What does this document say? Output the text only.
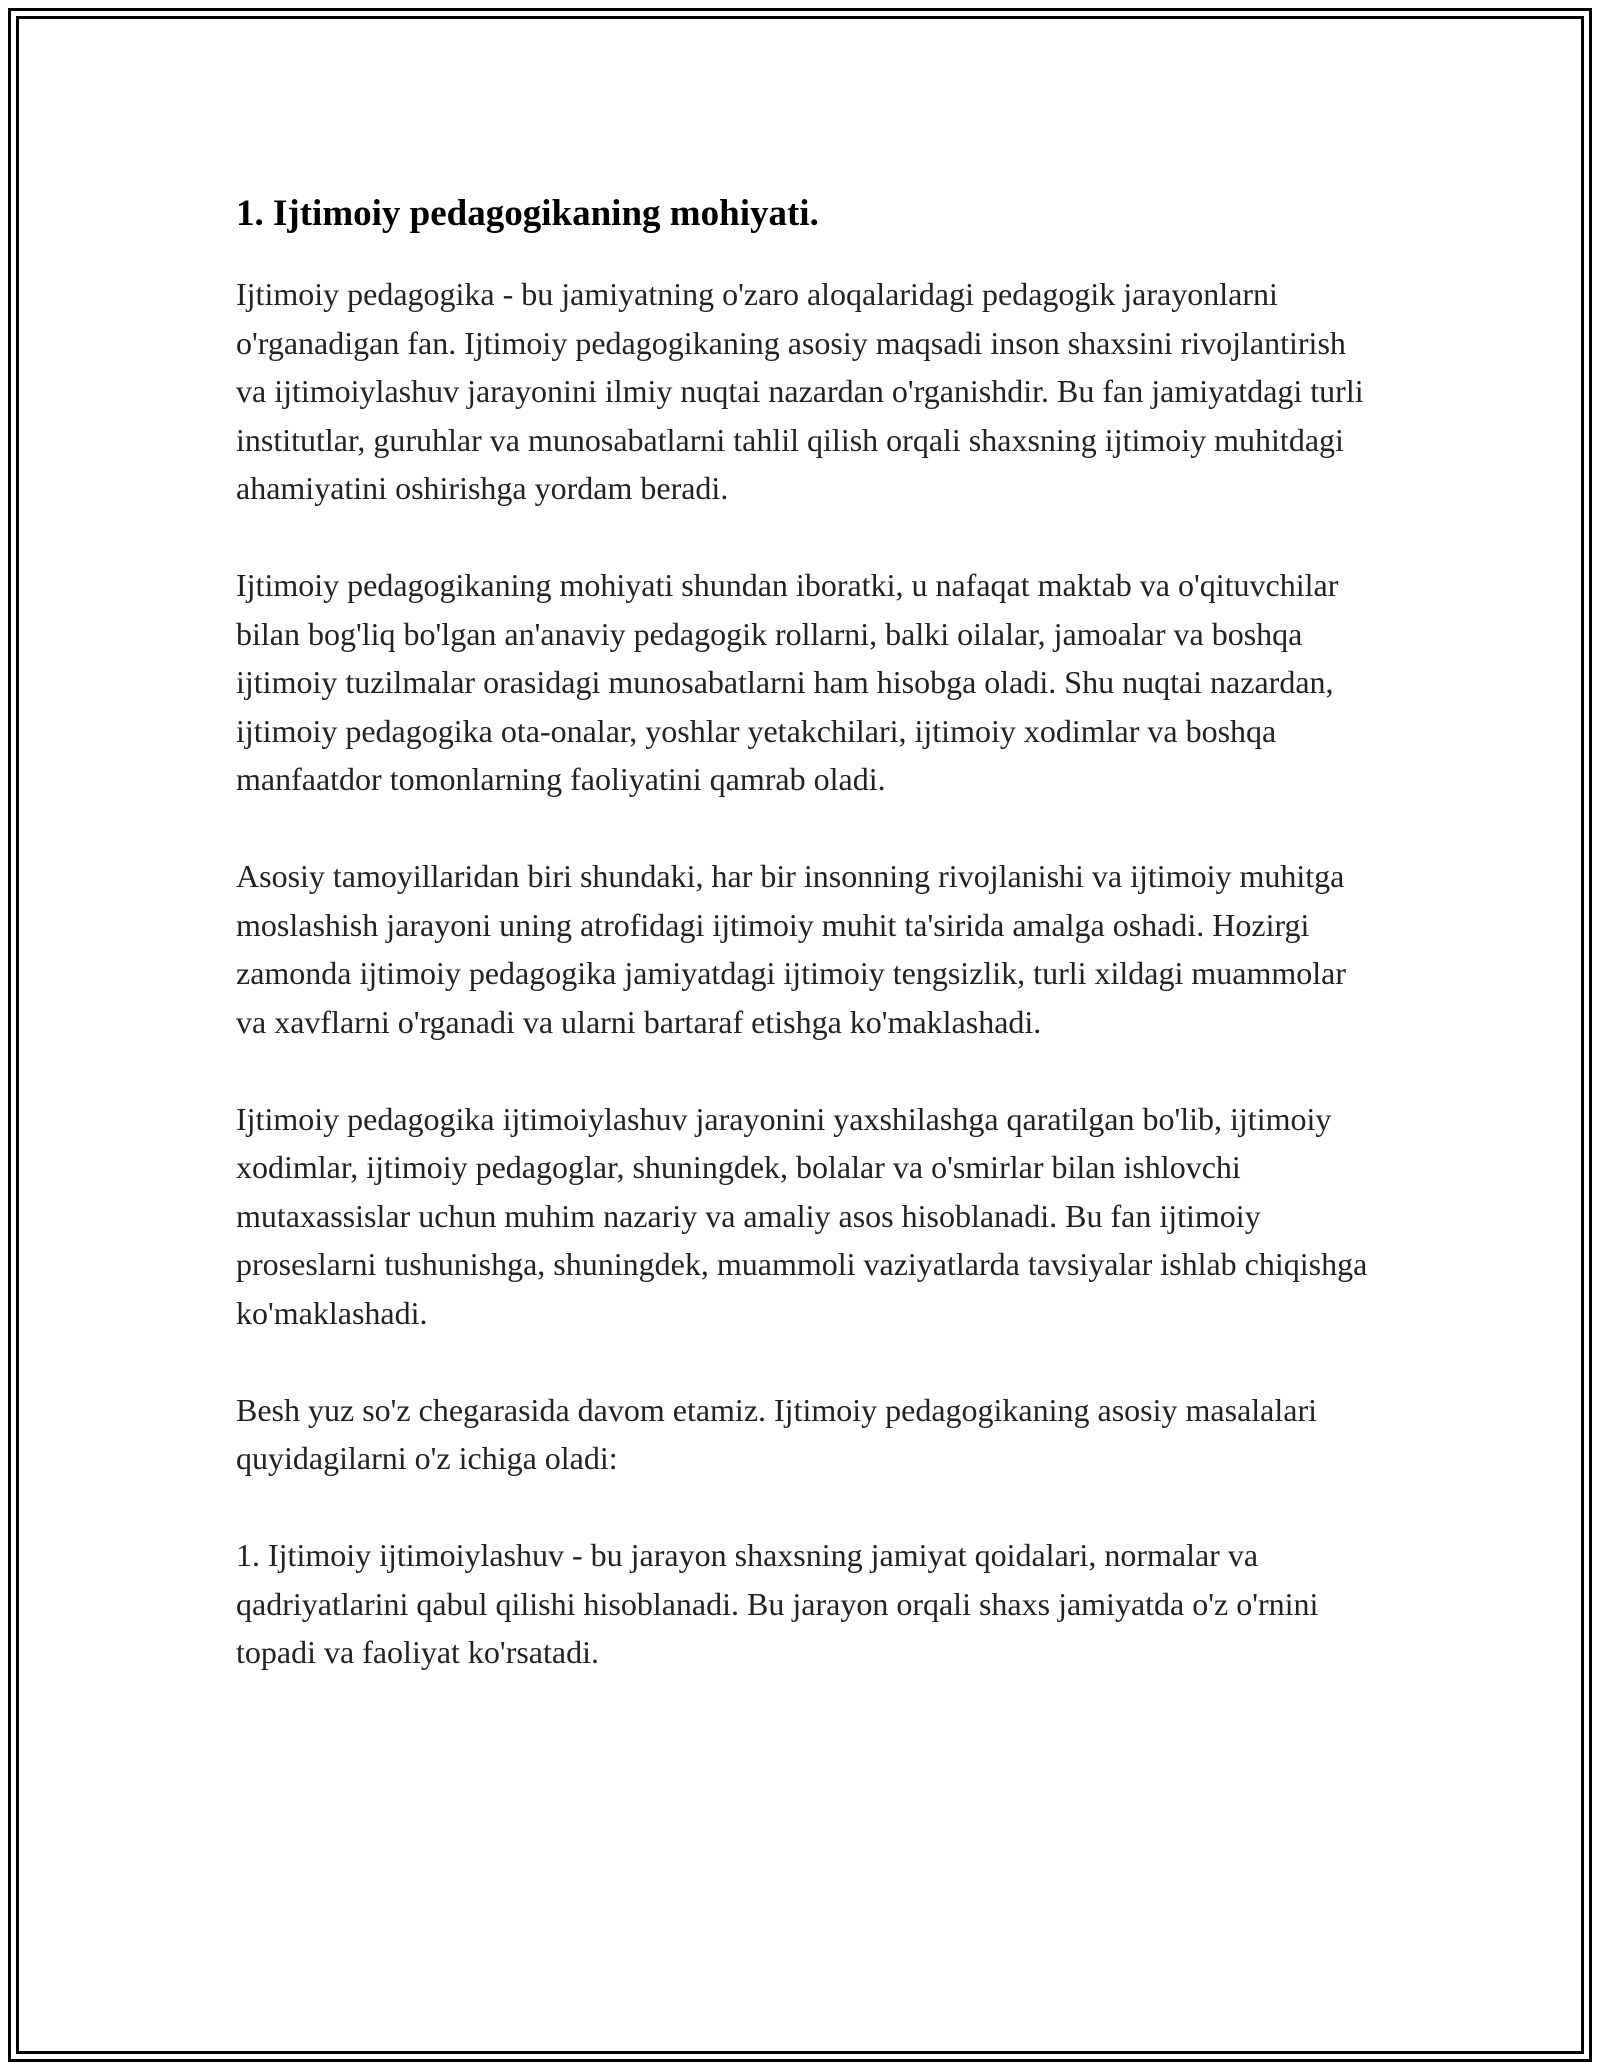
1. Ijtimoiy pedagogikaning mohiyati.

Ijtimoiy pedagogika - bu jamiyatning o'zaro aloqalaridagi pedagogik jarayonlarni o'rganadigan fan. Ijtimoiy pedagogikaning asosiy maqsadi inson shaxsini rivojlantirish va ijtimoiylashuv jarayonini ilmiy nuqtai nazardan o'rganishdir. Bu fan jamiyatdagi turli institutlar, guruhlar va munosabatlarni tahlil qilish orqali shaxsning ijtimoiy muhitdagi ahamiyatini oshirishga yordam beradi.

Ijtimoiy pedagogikaning mohiyati shundan iboratki, u nafaqat maktab va o'qituvchilar bilan bog'liq bo'lgan an'anaviy pedagogik rollarni, balki oilalar, jamoalar va boshqa ijtimoiy tuzilmalar orasidagi munosabatlarni ham hisobga oladi. Shu nuqtai nazardan, ijtimoiy pedagogika ota-onalar, yoshlar yetakchilari, ijtimoiy xodimlar va boshqa manfaatdor tomonlarning faoliyatini qamrab oladi.

Asosiy tamoyillaridan biri shundaki, har bir insonning rivojlanishi va ijtimoiy muhitga moslashish jarayoni uning atrofidagi ijtimoiy muhit ta'sirida amalga oshadi. Hozirgi zamonda ijtimoiy pedagogika jamiyatdagi ijtimoiy tengsizlik, turli xildagi muammolar va xavflarni o'rganadi va ularni bartaraf etishga ko'maklashadi.

Ijtimoiy pedagogika ijtimoiylashuv jarayonini yaxshilashga qaratilgan bo'lib, ijtimoiy xodimlar, ijtimoiy pedagoglar, shuningdek, bolalar va o'smirlar bilan ishlovchi mutaxassislar uchun muhim nazariy va amaliy asos hisoblanadi. Bu fan ijtimoiy proseslarni tushunishga, shuningdek, muammoli vaziyatlarda tavsiyalar ishlab chiqishga ko'maklashadi.

Besh yuz so'z chegarasida davom etamiz. Ijtimoiy pedagogikaning asosiy masalalari quyidagilarni o'z ichiga oladi:

1. Ijtimoiy ijtimoiylashuv - bu jarayon shaxsning jamiyat qoidalari, normalar va qadriyatlarini qabul qilishi hisoblanadi. Bu jarayon orqali shaxs jamiyatda o'z o'rnini topadi va faoliyat ko'rsatadi.
